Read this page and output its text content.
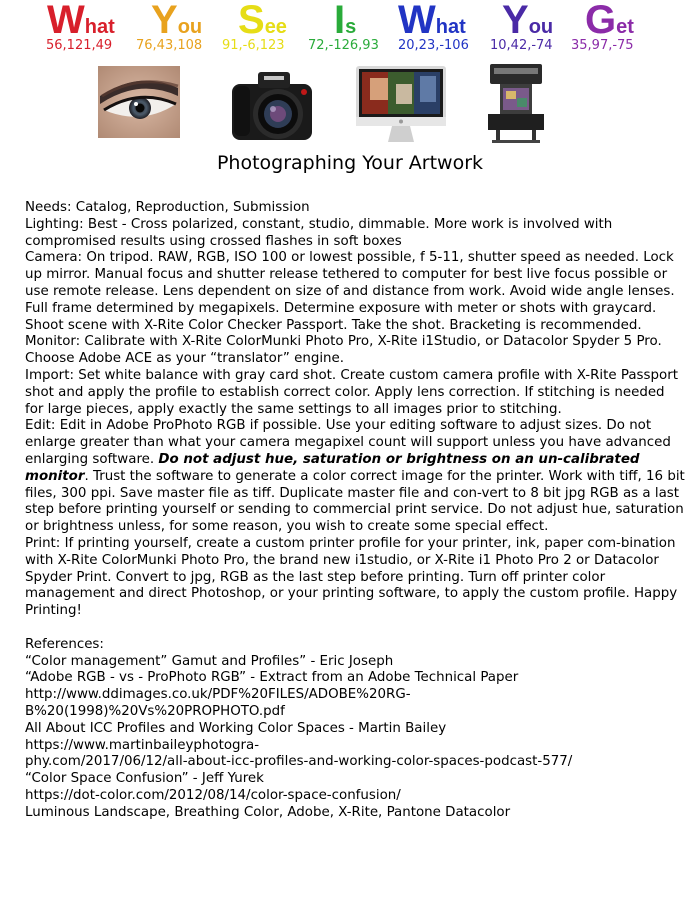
What
56,121,49
You
76,43,108
See
91,-6,123
Is
72,-126,93
What
20,23,-106
You
10,42,-74
Get
35,97,-75
Photographing Your Artwork

Needs: Catalog, Reproduction, Submission

Lighting: Best - Cross polarized, constant, studio, dimmable. More work is involved with compromised results using crossed flashes in soft boxes

Camera: On tripod. RAW, RGB, ISO 100 or lowest possible, f 5-11, shutter speed as needed. Lock up mirror. Manual focus and shutter release tethered to computer for best live focus possible or use remote release. Lens dependent on size of and distance from work. Avoid wide angle lenses. Full frame determined by megapixels. Determine exposure with meter or shots with graycard. Shoot scene with X-Rite Color Checker Passport. Take the shot. Bracketing is recommended.

Monitor: Calibrate with X-Rite ColorMunki Photo Pro, X-Rite i1Studio, or Datacolor Spyder 5 Pro. Choose Adobe ACE as your “translator” engine.

Import: Set white balance with gray card shot. Create custom camera profile with X-Rite Passport shot and apply the profile to establish correct color. Apply lens correction. If stitching is needed for large pieces, apply exactly the same settings to all images prior to stitching.

Edit: Edit in Adobe ProPhoto RGB if possible. Use your editing software to adjust sizes. Do not enlarge greater than what your camera megapixel count will support unless you have advanced enlarging software. Do not adjust hue, saturation or brightness on an un-calibrated monitor. Trust the software to generate a color correct image for the printer. Work with tiff, 16 bit files, 300 ppi. Save master file as tiff. Duplicate master file and con-vert to 8 bit jpg RGB as a last step before printing yourself or sending to commercial print service. Do not adjust hue, saturation or brightness unless, for some reason, you wish to create some special effect.

Print: If printing yourself, create a custom printer profile for your printer, ink, paper com-bination with X-Rite ColorMunki Photo Pro, the brand new i1studio, or X-Rite i1 Photo Pro 2 or Datacolor Spyder Print. Convert to jpg, RGB as the last step before printing. Turn off printer color management and direct Photoshop, or your printing software, to apply the custom profile. Happy Printing!

References:

“Color management” Gamut and Profiles” - Eric Joseph

“Adobe RGB - vs - ProPhoto RGB” - Extract from an Adobe Technical Paper

http://www.ddimages.co.uk/PDF%20FILES/ADOBE%20RG-

B%20(1998)%20Vs%20PROPHOTO.pdf

All About ICC Profiles and Working Color Spaces - Martin Bailey

https://www.martinbaileyphotogra-

phy.com/2017/06/12/all-about-icc-profiles-and-working-color-spaces-podcast-577/

“Color Space Confusion” - Jeff Yurek

https://dot-color.com/2012/08/14/color-space-confusion/

Luminous Landscape, Breathing Color, Adobe, X-Rite, Pantone Datacolor
